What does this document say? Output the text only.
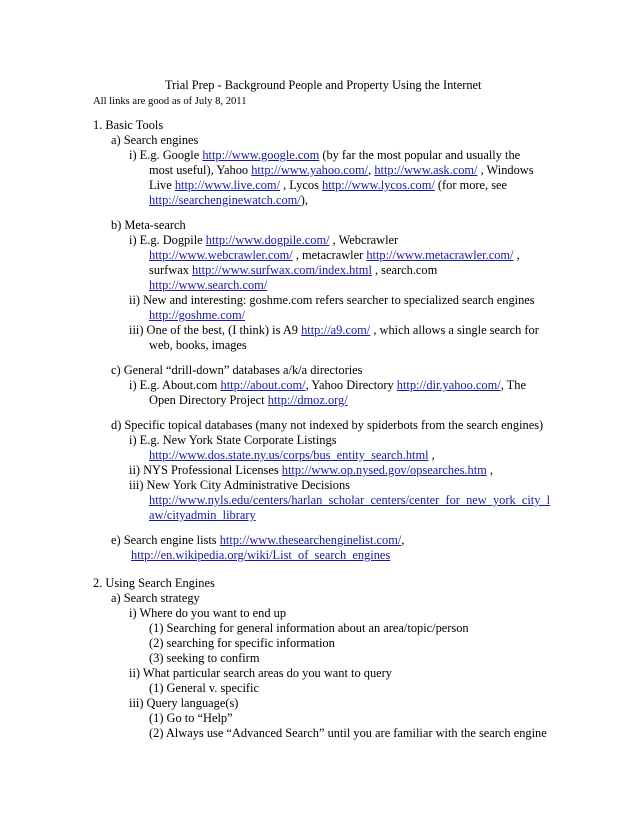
Trial Prep - Background People and Property Using the Internet
All links are good as of July 8, 2011
1. Basic Tools
a) Search engines
i) E.g. Google http://www.google.com (by far the most popular and usually the
most useful), Yahoo http://www.yahoo.com/, http://www.ask.com/ , Windows
Live http://www.live.com/ , Lycos http://www.lycos.com/ (for more, see
http://searchenginewatch.com/),
b) Meta-search
i) E.g. Dogpile http://www.dogpile.com/ , Webcrawler
http://www.webcrawler.com/ , metacrawler http://www.metacrawler.com/ ,
surfwax http://www.surfwax.com/index.html , search.com
http://www.search.com/
ii) New and interesting: goshme.com refers searcher to specialized search engines
http://goshme.com/
iii) One of the best, (I think) is A9 http://a9.com/ , which allows a single search for
web, books, images
c) General “drill-down” databases a/k/a directories
i) E.g. About.com http://about.com/, Yahoo Directory http://dir.yahoo.com/, The
Open Directory Project http://dmoz.org/
d) Specific topical databases (many not indexed by spiderbots from the search engines)
i) E.g. New York State Corporate Listings
http://www.dos.state.ny.us/corps/bus_entity_search.html ,
ii) NYS Professional Licenses http://www.op.nysed.gov/opsearches.htm ,
iii) New York City Administrative Decisions
http://www.nyls.edu/centers/harlan_scholar_centers/center_for_new_york_city_l
aw/cityadmin_library
e) Search engine lists http://www.thesearchenginelist.com/,
http://en.wikipedia.org/wiki/List_of_search_engines
2. Using Search Engines
a) Search strategy
i) Where do you want to end up
(1) Searching for general information about an area/topic/person
(2) searching for specific information
(3) seeking to confirm
ii) What particular search areas do you want to query
(1) General v. specific
iii) Query language(s)
(1) Go to “Help”
(2) Always use “Advanced Search” until you are familiar with the search engine
